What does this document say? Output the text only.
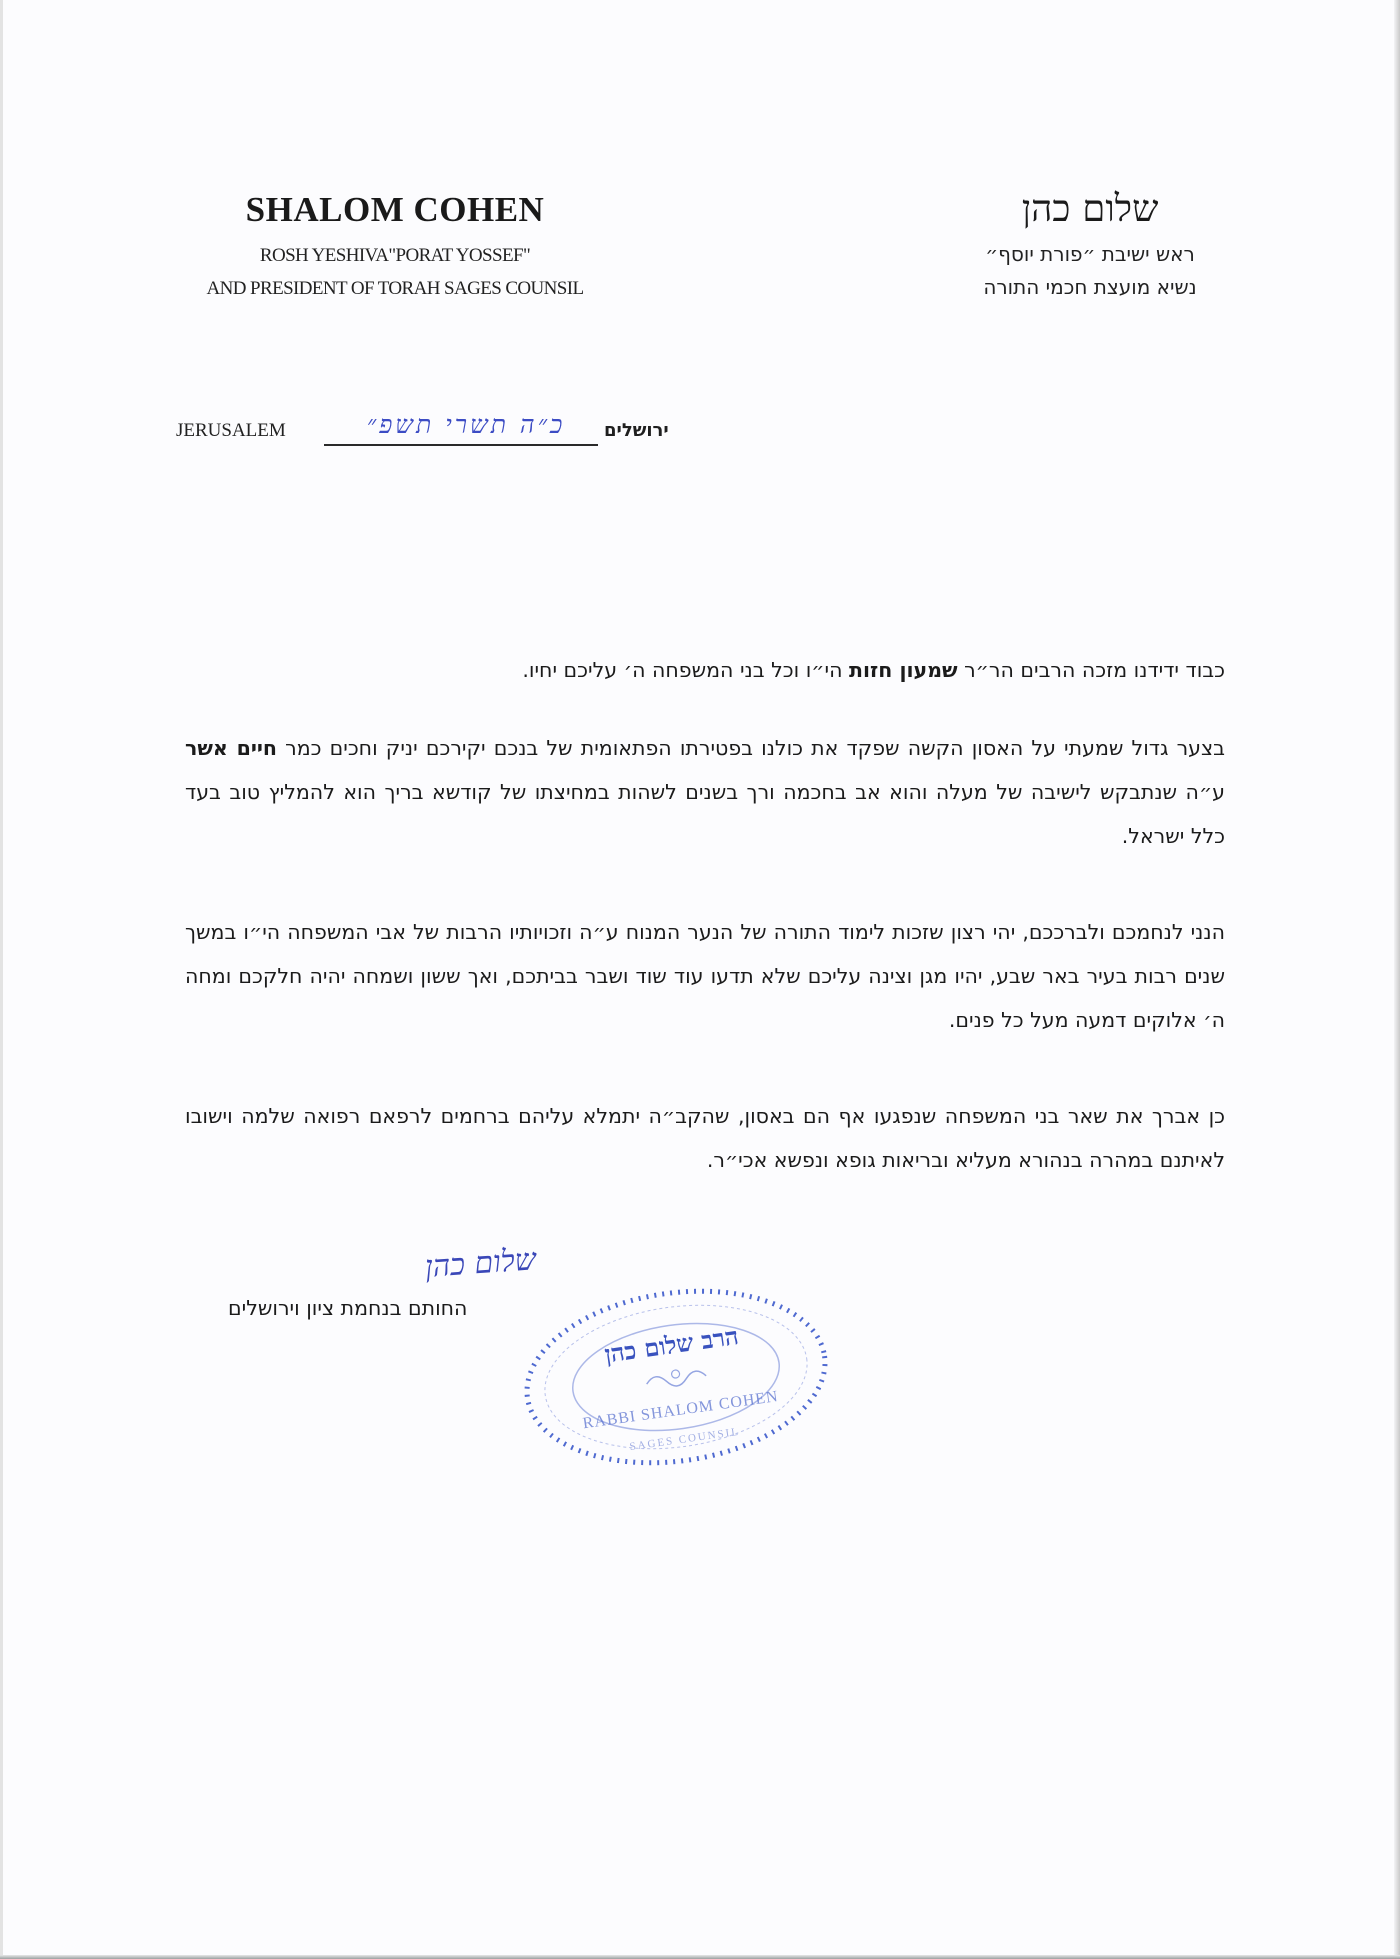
SHALOM COHEN
ROSH YESHIVA"PORAT YOSSEF"
AND PRESIDENT OF TORAH SAGES COUNSIL
שלום כהן
ראש ישיבת ״פורת יוסף״
נשיא מועצת חכמי התורה
JERUSALEM	כ״ה תשרי תשפ״	ירושלים

כבוד ידידנו מזכה הרבים הר״ר שמעון חזות הי״ו וכל בני המשפחה ה׳ עליכם יחיו.

בצער גדול שמעתי על האסון הקשה שפקד את כולנו בפטירתו הפתאומית של בנכם יקירכם יניק וחכים כמר חיים אשר ע״ה שנתבקש לישיבה של מעלה והוא אב בחכמה ורך בשנים לשהות במחיצתו של קודשא בריך הוא להמליץ טוב בעד כלל ישראל.

הנני לנחמכם ולברככם, יהי רצון שזכות לימוד התורה של הנער המנוח ע״ה וזכויותיו הרבות של אבי המשפחה הי״ו במשך שנים רבות בעיר באר שבע, יהיו מגן וצינה עליכם שלא תדעו עוד שוד ושבר בביתכם, ואך ששון ושמחה יהיה חלקכם ומחה ה׳ אלוקים דמעה מעל כל פנים.

כן אברך את שאר בני המשפחה שנפגעו אף הם באסון, שהקב״ה יתמלא עליהם ברחמים לרפאם רפואה שלמה וישובו לאיתנם במהרה בנהורא מעליא ובריאות גופא ונפשא אכי״ר.

שלום כהן
החותם בנחמת ציון וירושלים
הרב שלום כהן
RABBI SHALOM COHEN
SAGES COUNSIL
